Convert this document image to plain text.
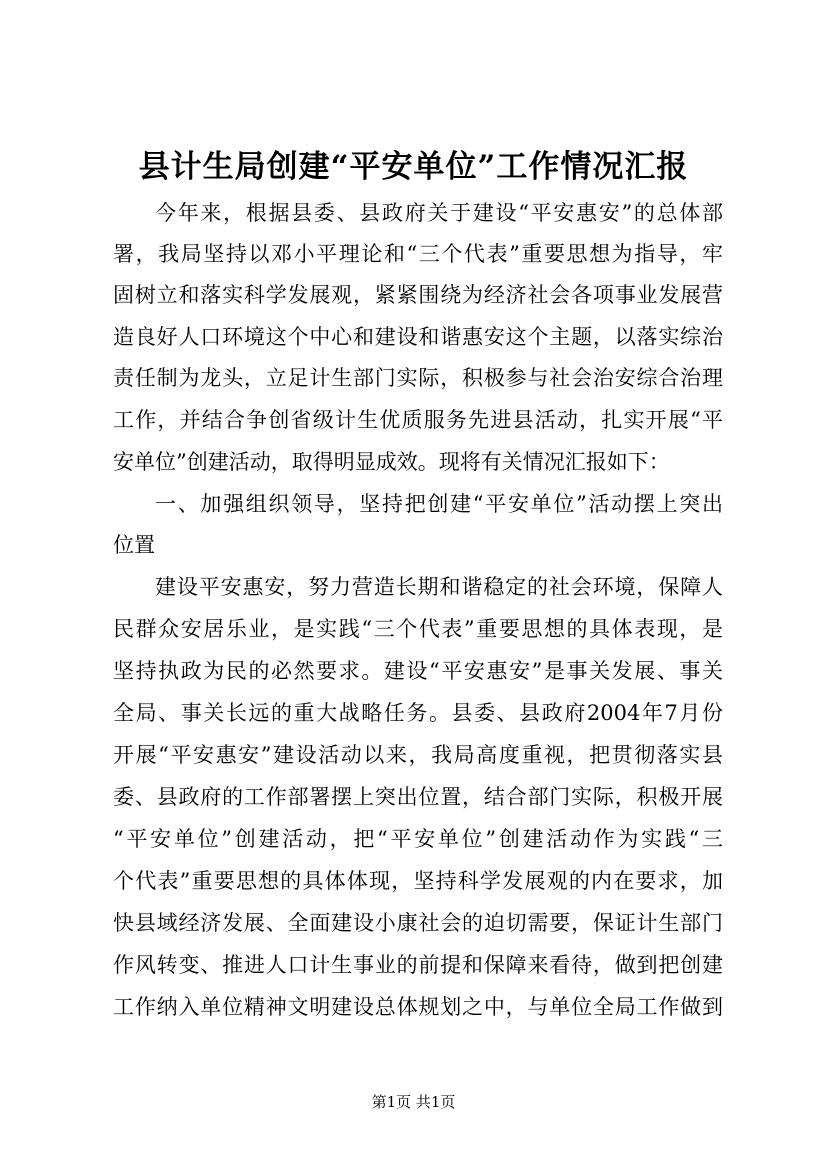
县计生局创建“平安单位”工作情况汇报
今年来，根据县委、县政府关于建设“平安惠安”的总体部
署，我局坚持以邓小平理论和“三个代表”重要思想为指导，牢
固树立和落实科学发展观，紧紧围绕为经济社会各项事业发展营
造良好人口环境这个中心和建设和谐惠安这个主题，以落实综治
责任制为龙头，立足计生部门实际，积极参与社会治安综合治理
工作，并结合争创省级计生优质服务先进县活动，扎实开展“平
安单位”创建活动，取得明显成效。现将有关情况汇报如下：
一、加强组织领导，坚持把创建“平安单位”活动摆上突出
位置
建设平安惠安，努力营造长期和谐稳定的社会环境，保障人
民群众安居乐业，是实践“三个代表”重要思想的具体表现，是
坚持执政为民的必然要求。建设“平安惠安”是事关发展、事关
全局、事关长远的重大战略任务。县委、县政府2004年7月份
开展“平安惠安”建设活动以来，我局高度重视，把贯彻落实县
委、县政府的工作部署摆上突出位置，结合部门实际，积极开展
“平安单位”创建活动，把“平安单位”创建活动作为实践“三
个代表”重要思想的具体体现，坚持科学发展观的内在要求，加
快县域经济发展、全面建设小康社会的迫切需要，保证计生部门
作风转变、推进人口计生事业的前提和保障来看待，做到把创建
工作纳入单位精神文明建设总体规划之中，与单位全局工作做到
第1页 共1页
